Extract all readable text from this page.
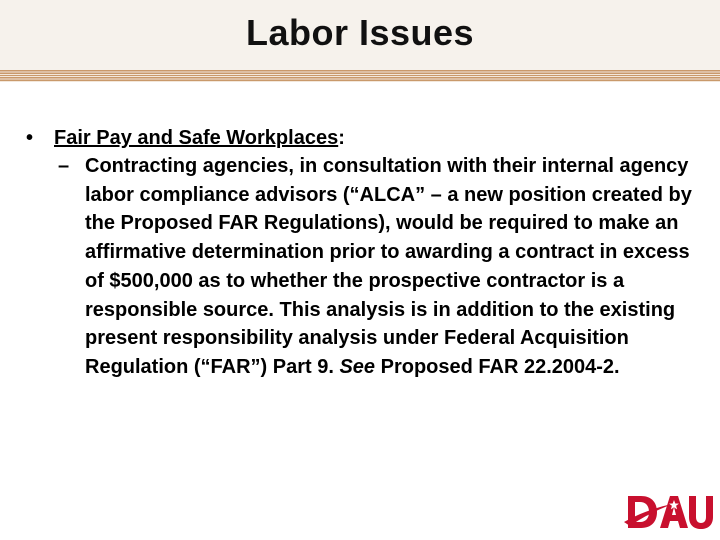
Labor Issues
• Fair Pay and Safe Workplaces:
– Contracting agencies, in consultation with their internal agency labor compliance advisors (“ALCA” – a new position created by the Proposed FAR Regulations), would be required to make an affirmative determination prior to awarding a contract in excess of $500,000 as to whether the prospective contractor is a responsible source. This analysis is in addition to the existing present responsibility analysis under Federal Acquisition Regulation (“FAR”) Part 9. See Proposed FAR 22.2004-2.
